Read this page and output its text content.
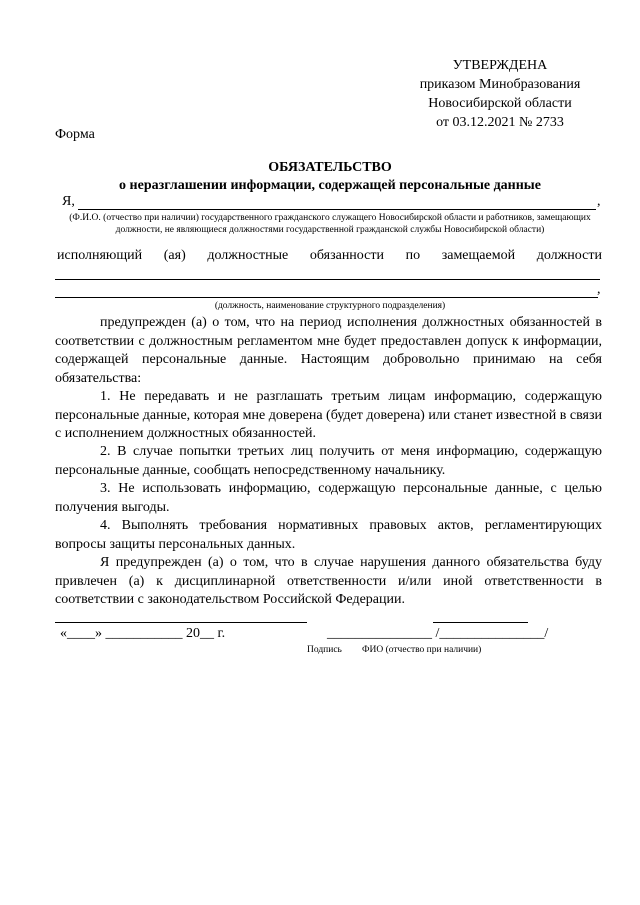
УТВЕРЖДЕНА
приказом Минобразования
Новосибирской области
от 03.12.2021 № 2733
Форма
ОБЯЗАТЕЛЬСТВО
о неразглашении информации, содержащей персональные данные
Я,	,
(Ф.И.О. (отчество при наличии) государственного гражданского служащего Новосибирской области и работников, замещающих должности, не являющиеся должностями государственной гражданской службы Новосибирской области)
исполняющий (ая) должностные обязанности по замещаемой должности
,
(должность, наименование структурного подразделения)
предупрежден (а) о том, что на период исполнения должностных обязанностей в соответствии с должностным регламентом мне будет предоставлен допуск к информации, содержащей персональные данные. Настоящим добровольно принимаю на себя обязательства:
1. Не передавать и не разглашать третьим лицам информацию, содержащую персональные данные, которая мне доверена (будет доверена) или станет известной в связи с исполнением должностных обязанностей.
2. В случае попытки третьих лиц получить от меня информацию, содержащую персональные данные, сообщать непосредственному начальнику.
3. Не использовать информацию, содержащую персональные данные, с целью получения выгоды.
4. Выполнять требования нормативных правовых актов, регламентирующих вопросы защиты персональных данных.
Я предупрежден (а) о том, что в случае нарушения данного обязательства буду привлечен (а) к дисциплинарной ответственности и/или иной ответственности в соответствии с законодательством Российской Федерации.
«____» ___________ 20__ г.	_______________ /_______________/
Подпись ФИО (отчество при наличии)
